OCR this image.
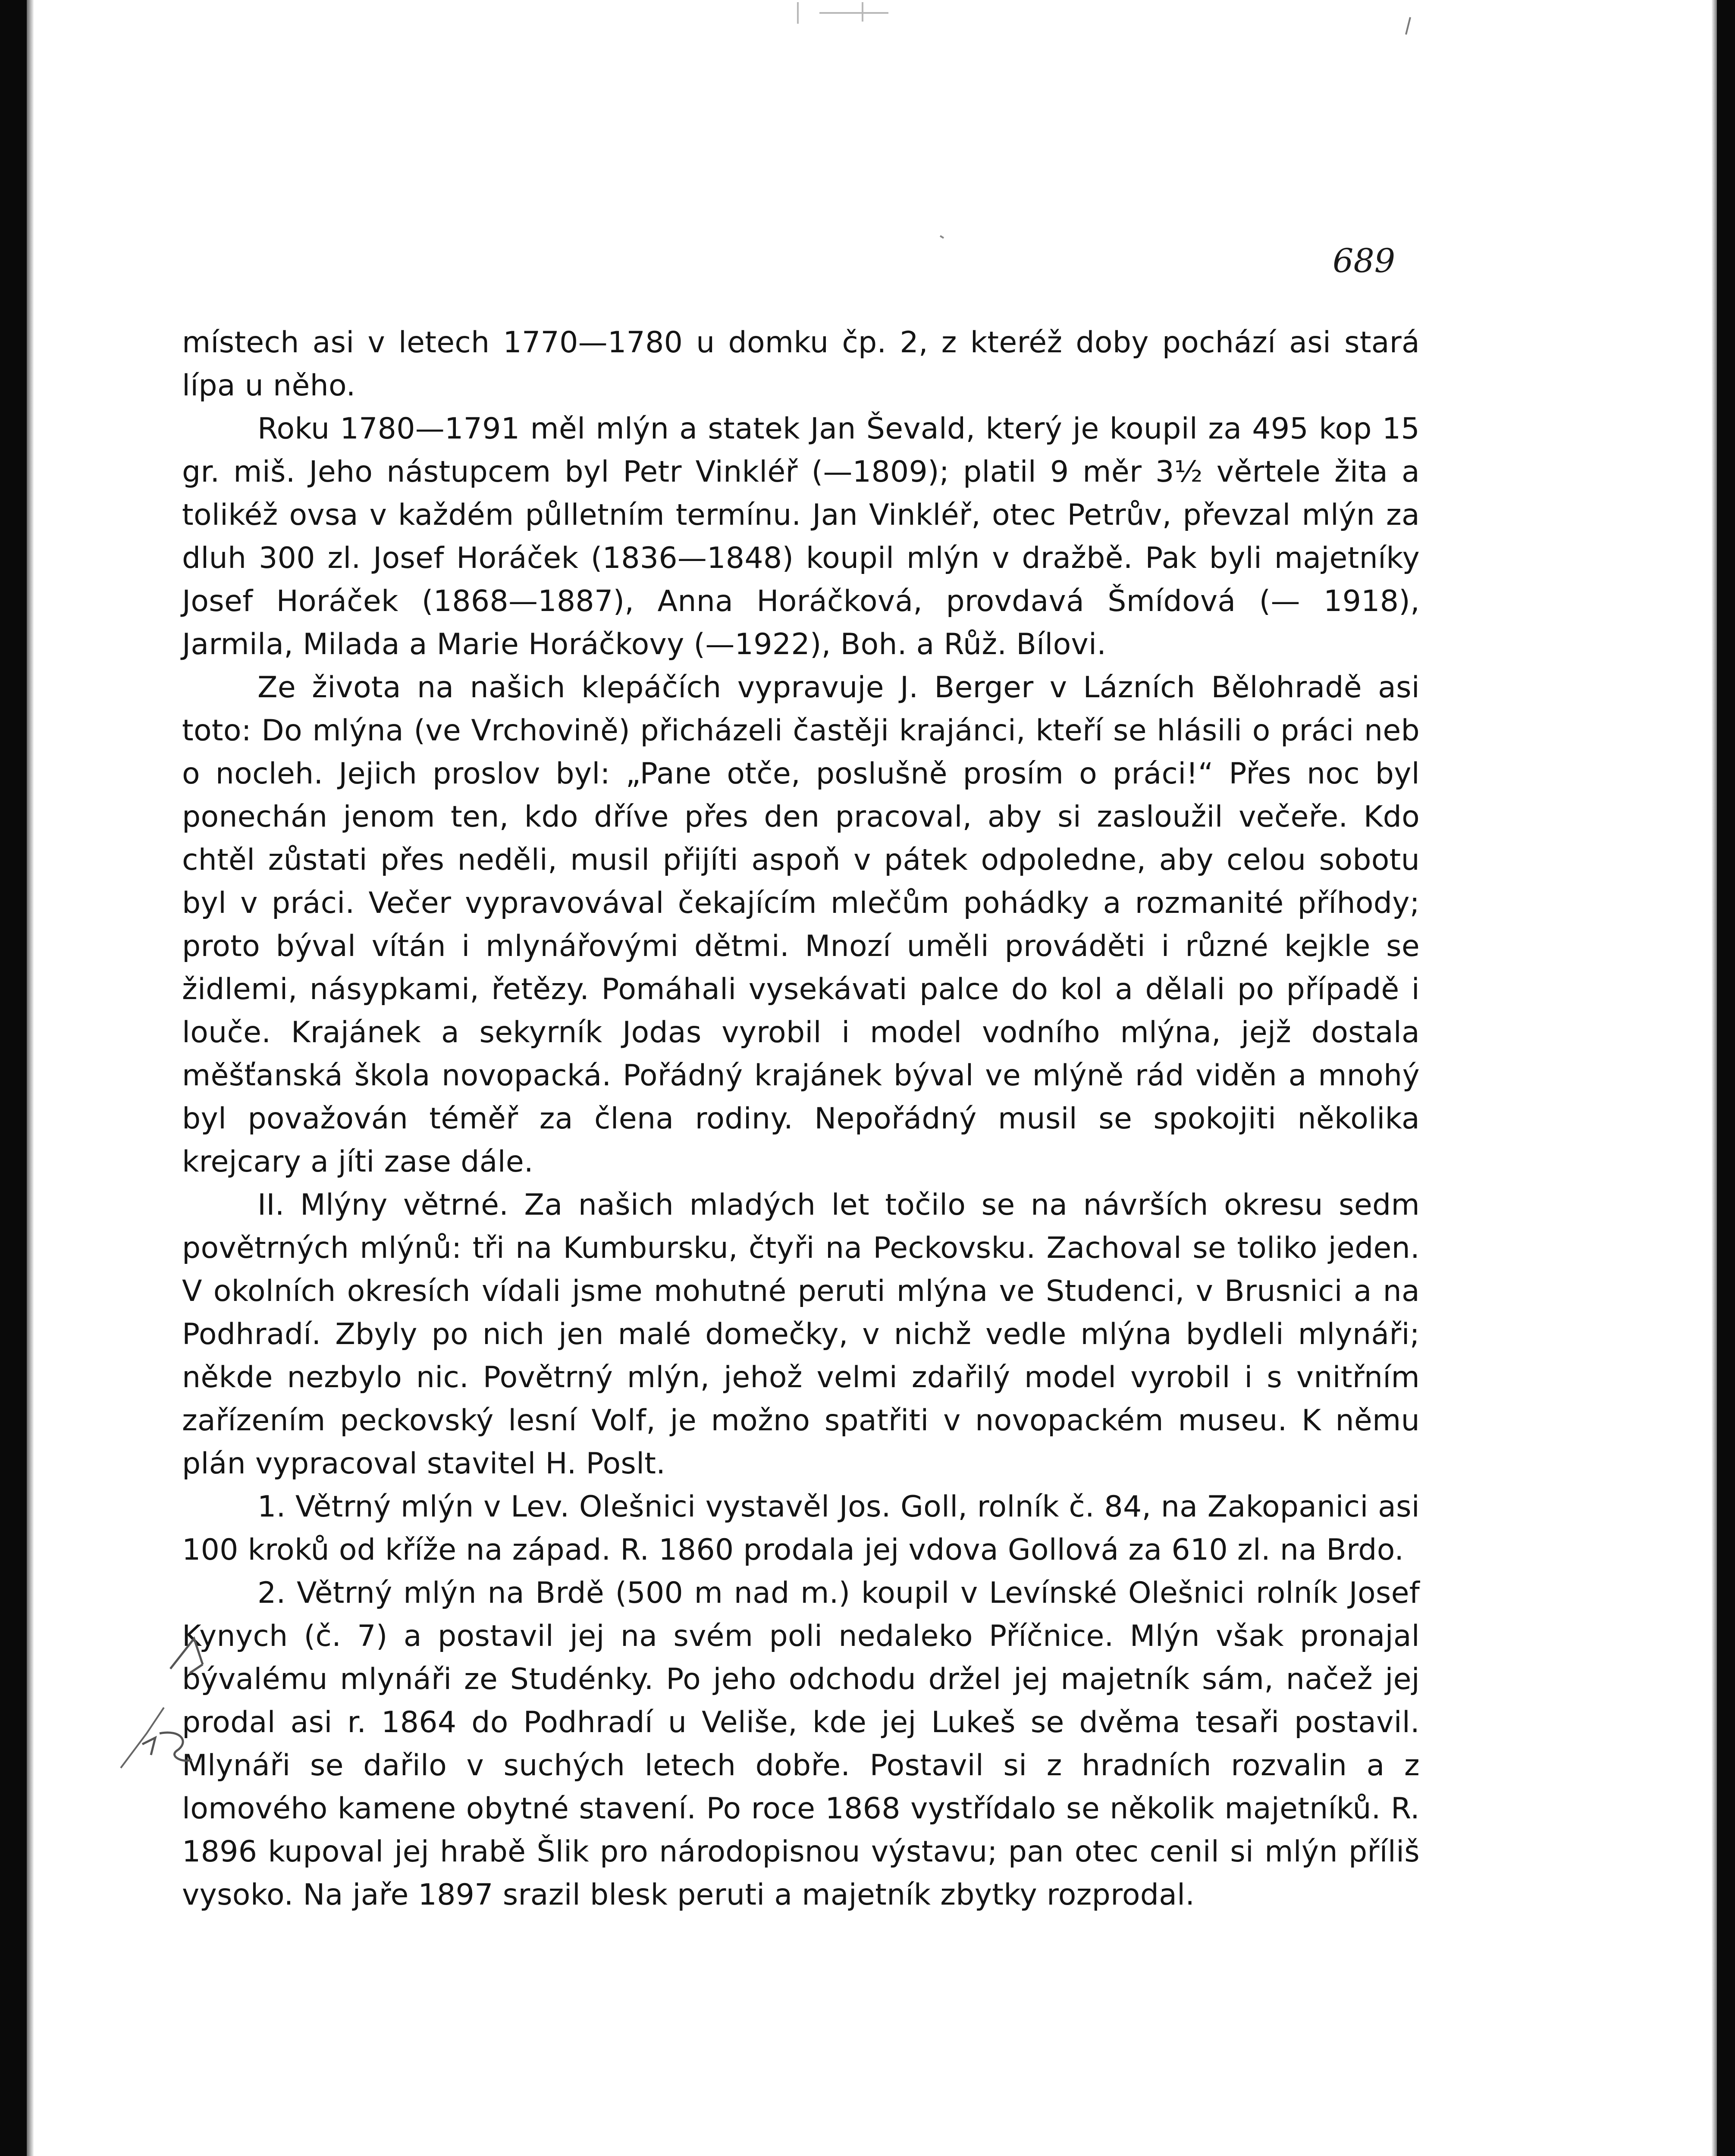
689

místech asi v letech 1770—1780 u domku čp. 2, z kteréž doby pochází asi stará lípa u něho.

Roku 1780—1791 měl mlýn a statek Jan Ševald, který je koupil za 495 kop 15 gr. miš. Jeho nástupcem byl Petr Vinkléř (—1809); platil 9 měr 3½ věrtele žita a tolikéž ovsa v každém půlletním termínu. Jan Vinkléř, otec Petrův, převzal mlýn za dluh 300 zl. Josef Horáček (1836—1848) koupil mlýn v dražbě. Pak byli majetníky Josef Horáček (1868—1887), Anna Horáčková, provdavá Šmídová (— 1918), Jarmila, Milada a Marie Horáčkovy (—1922), Boh. a Růž. Bílovi.

Ze života na našich klepáčích vypravuje J. Berger v Lázních Bělohradě asi toto: Do mlýna (ve Vrchovině) přicházeli častěji krajánci, kteří se hlásili o práci neb o nocleh. Jejich proslov byl: „Pane otče, poslušně prosím o práci!“ Přes noc byl ponechán jenom ten, kdo dříve přes den pracoval, aby si zasloužil večeře. Kdo chtěl zůstati přes neděli, musil přijíti aspoň v pátek odpoledne, aby celou sobotu byl v práci. Večer vypravovával čekajícím mlečům pohádky a rozmanité příhody; proto býval vítán i mlynářovými dětmi. Mnozí uměli prováděti i různé kejkle se židlemi, násypkami, řetězy. Pomáhali vysekávati palce do kol a dělali po případě i louče. Krajánek a sekyrník Jodas vyrobil i model vodního mlýna, jejž dostala měšťanská škola novopacká. Pořádný krajánek býval ve mlýně rád viděn a mnohý byl považován téměř za člena rodiny. Nepořádný musil se spokojiti několika krejcary a jíti zase dále.

II. Mlýny větrné. Za našich mladých let točilo se na návrších okresu sedm povětrných mlýnů: tři na Kumbursku, čtyři na Peckovsku. Zachoval se toliko jeden. V okolních okresích vídali jsme mohutné peruti mlýna ve Studenci, v Brusnici a na Podhradí. Zbyly po nich jen malé domečky, v nichž vedle mlýna bydleli mlynáři; někde nezbylo nic. Povětrný mlýn, jehož velmi zdařilý model vyrobil i s vnitřním zařízením peckovský lesní Volf, je možno spatřiti v novopackém museu. K němu plán vypracoval stavitel H. Poslt.

1. Větrný mlýn v Lev. Olešnici vystavěl Jos. Goll, rolník č. 84, na Zakopanici asi 100 kroků od kříže na západ. R. 1860 prodala jej vdova Gollová za 610 zl. na Brdo.

2. Větrný mlýn na Brdě (500 m nad m.) koupil v Levínské Olešnici rolník Josef Kynych (č. 7) a postavil jej na svém poli nedaleko Příčnice. Mlýn však pronajal bývalému mlynáři ze Studénky. Po jeho odchodu držel jej majetník sám, načež jej prodal asi r. 1864 do Podhradí u Veliše, kde jej Lukeš se dvěma tesaři postavil. Mlynáři se dařilo v suchých letech dobře. Postavil si z hradních rozvalin a z lomového kamene obytné stavení. Po roce 1868 vystřídalo se několik majetníků. R. 1896 kupoval jej hrabě Šlik pro národopisnou výstavu; pan otec cenil si mlýn příliš vysoko. Na jaře 1897 srazil blesk peruti a majetník zbytky rozprodal.
